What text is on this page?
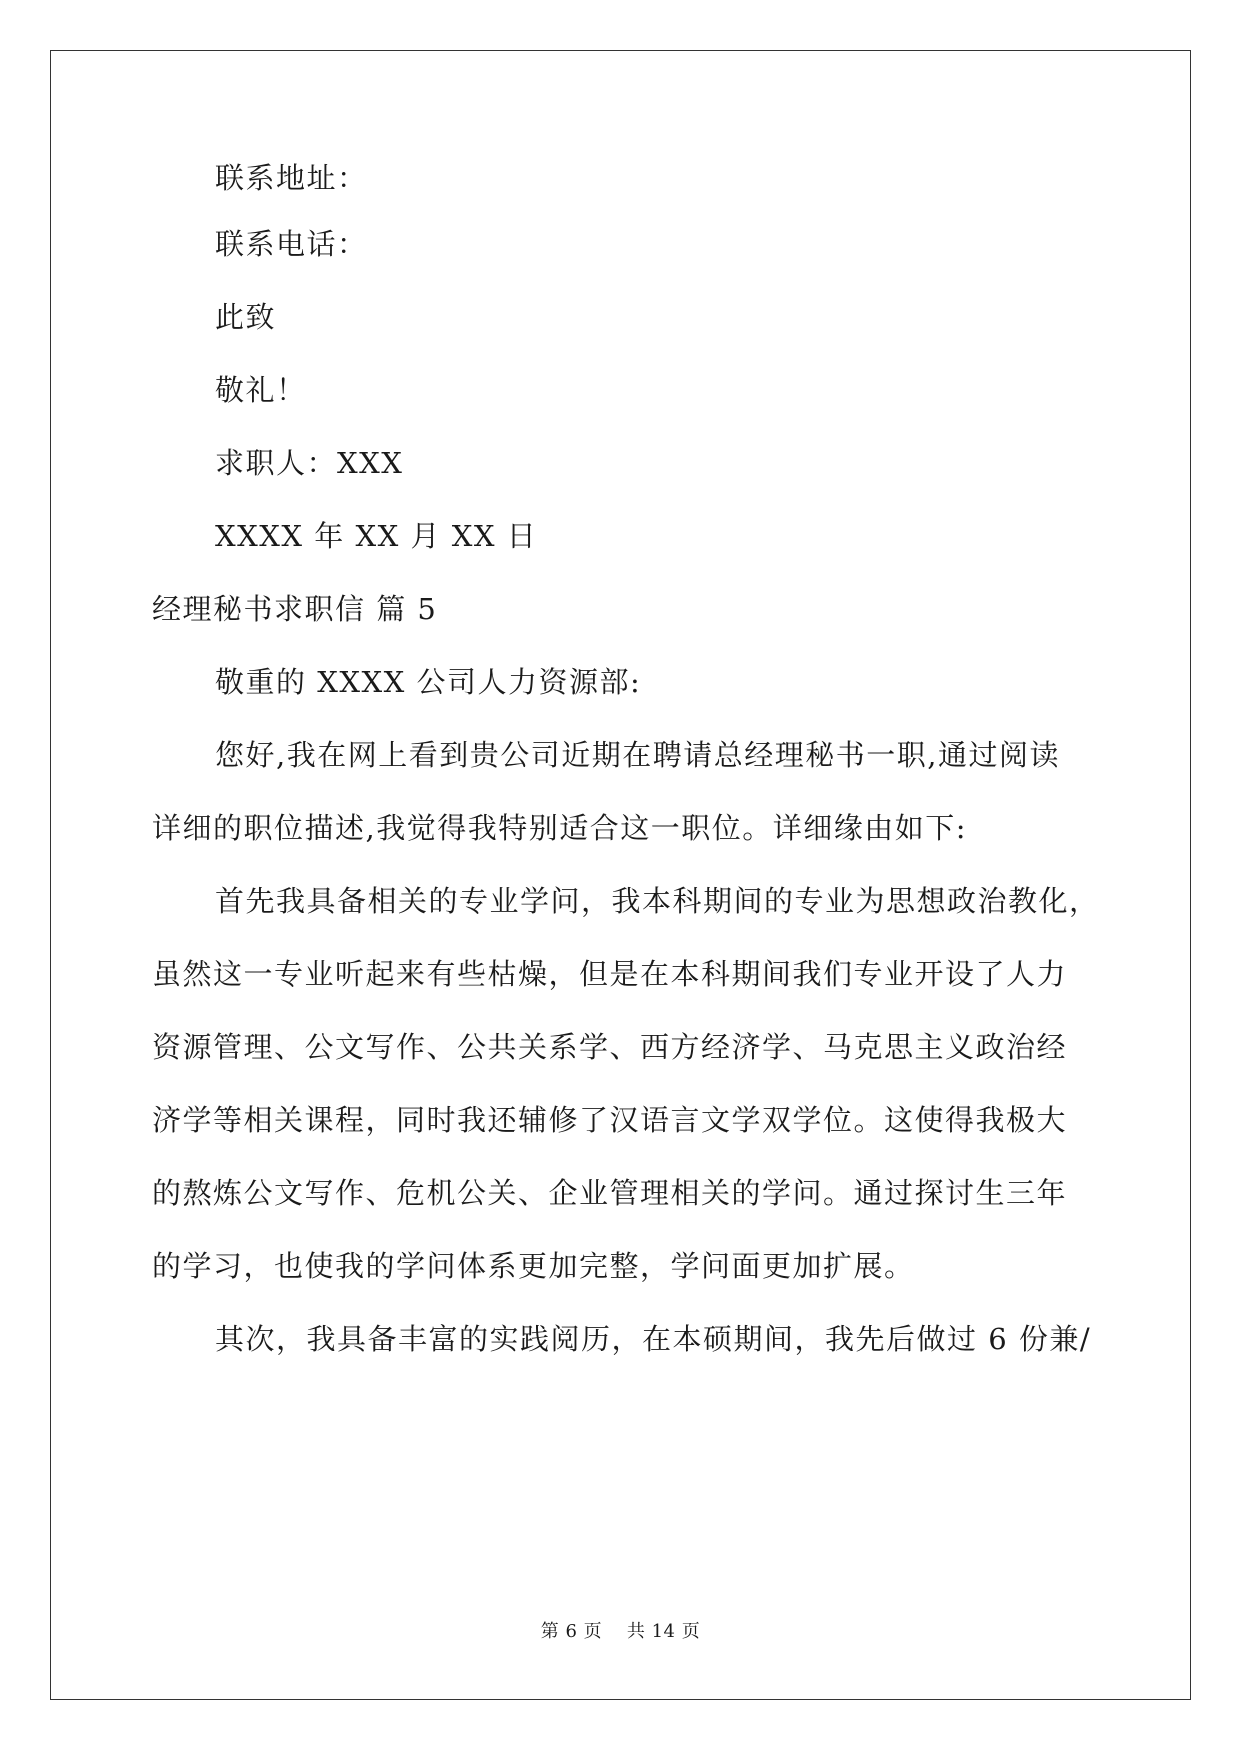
联系地址：
联系电话：
此致
敬礼！
求职人：XXX
XXXX 年 XX 月 XX 日
经理秘书求职信 篇 5
敬重的 XXXX 公司人力资源部:
您好,我在网上看到贵公司近期在聘请总经理秘书一职,通过阅读
详细的职位描述,我觉得我特别适合这一职位。详细缘由如下:
首先我具备相关的专业学问，我本科期间的专业为思想政治教化，
虽然这一专业听起来有些枯燥，但是在本科期间我们专业开设了人力
资源管理、公文写作、公共关系学、西方经济学、马克思主义政治经
济学等相关课程，同时我还辅修了汉语言文学双学位。这使得我极大
的熬炼公文写作、危机公关、企业管理相关的学问。通过探讨生三年
的学习，也使我的学问体系更加完整，学问面更加扩展。
其次，我具备丰富的实践阅历，在本硕期间，我先后做过 6 份兼/
第 6 页　 共 14 页
